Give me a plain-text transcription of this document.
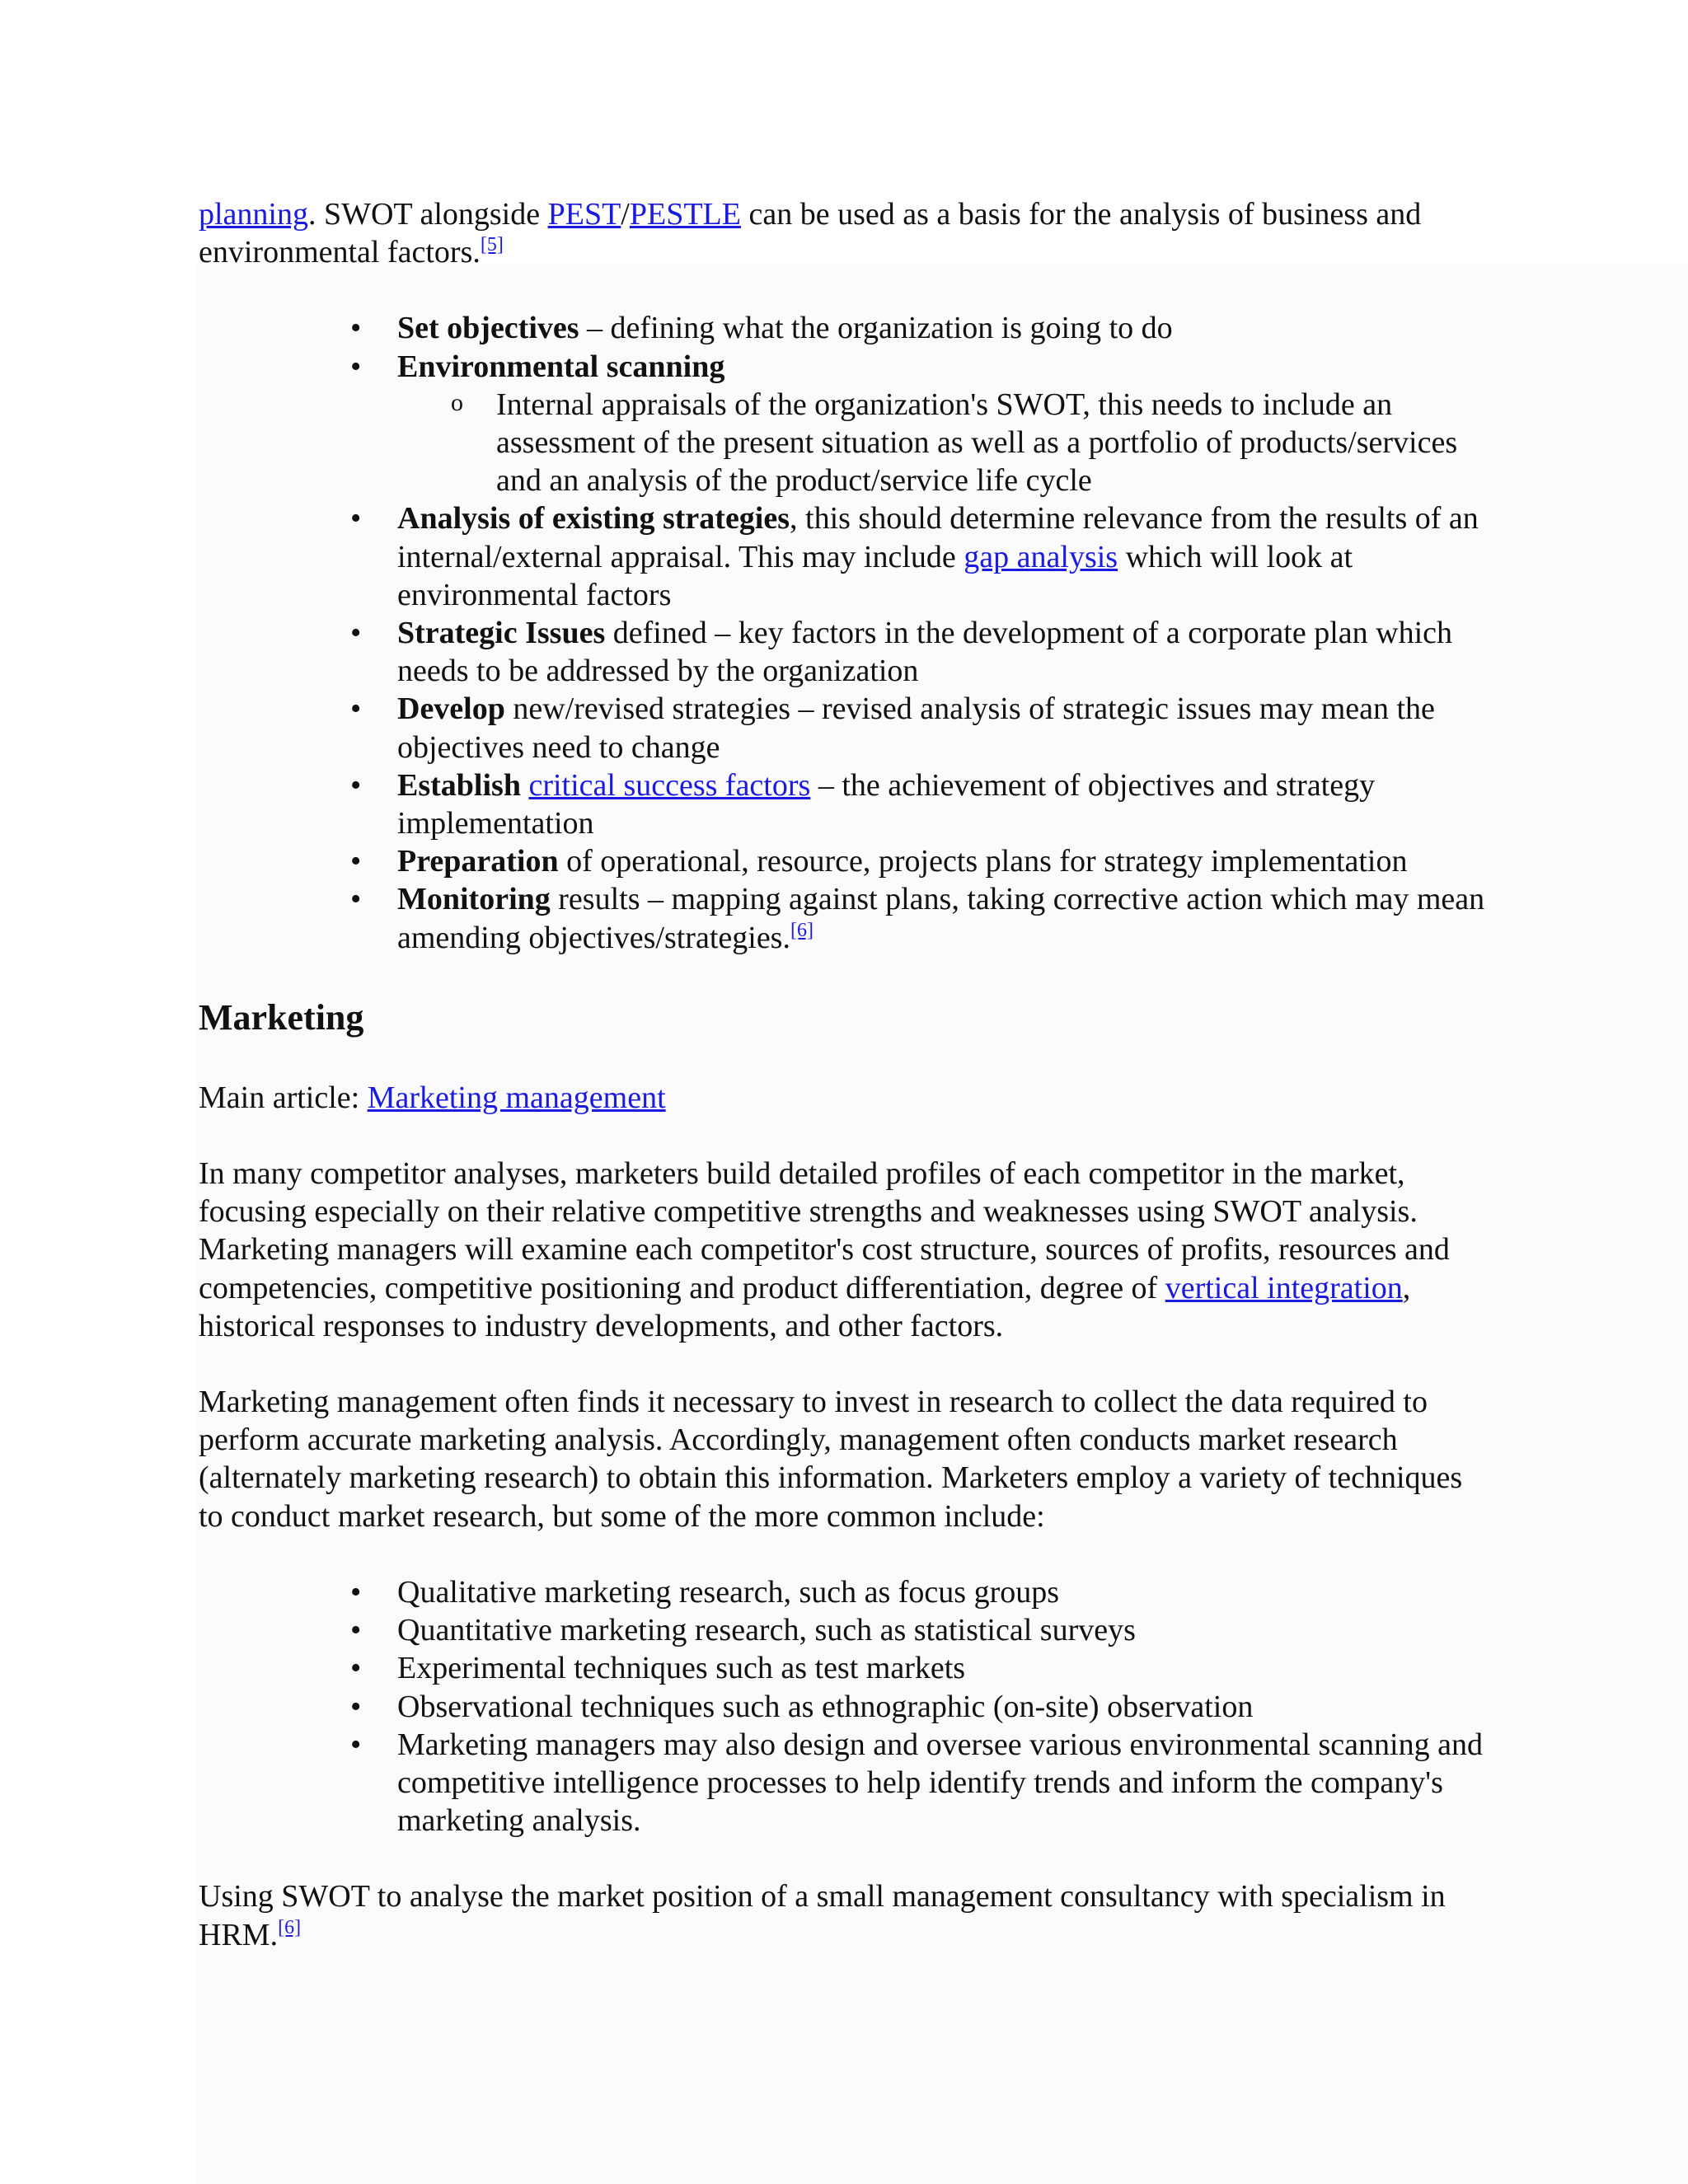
planning. SWOT alongside PEST/PESTLE can be used as a basis for the analysis of business and environmental factors.[5]

• Set objectives – defining what the organization is going to do
• Environmental scanning
o Internal appraisals of the organization's SWOT, this needs to include an assessment of the present situation as well as a portfolio of products/services and an analysis of the product/service life cycle
• Analysis of existing strategies, this should determine relevance from the results of an internal/external appraisal. This may include gap analysis which will look at environmental factors
• Strategic Issues defined – key factors in the development of a corporate plan which needs to be addressed by the organization
• Develop new/revised strategies – revised analysis of strategic issues may mean the objectives need to change
• Establish critical success factors – the achievement of objectives and strategy implementation
• Preparation of operational, resource, projects plans for strategy implementation
• Monitoring results – mapping against plans, taking corrective action which may mean amending objectives/strategies.[6]
Marketing

Main article: Marketing management

In many competitor analyses, marketers build detailed profiles of each competitor in the market, focusing especially on their relative competitive strengths and weaknesses using SWOT analysis. Marketing managers will examine each competitor's cost structure, sources of profits, resources and competencies, competitive positioning and product differentiation, degree of vertical integration, historical responses to industry developments, and other factors.

Marketing management often finds it necessary to invest in research to collect the data required to perform accurate marketing analysis. Accordingly, management often conducts market research (alternately marketing research) to obtain this information. Marketers employ a variety of techniques to conduct market research, but some of the more common include:

• Qualitative marketing research, such as focus groups
• Quantitative marketing research, such as statistical surveys
• Experimental techniques such as test markets
• Observational techniques such as ethnographic (on-site) observation
• Marketing managers may also design and oversee various environmental scanning and competitive intelligence processes to help identify trends and inform the company's marketing analysis.

Using SWOT to analyse the market position of a small management consultancy with specialism in HRM.[6]
